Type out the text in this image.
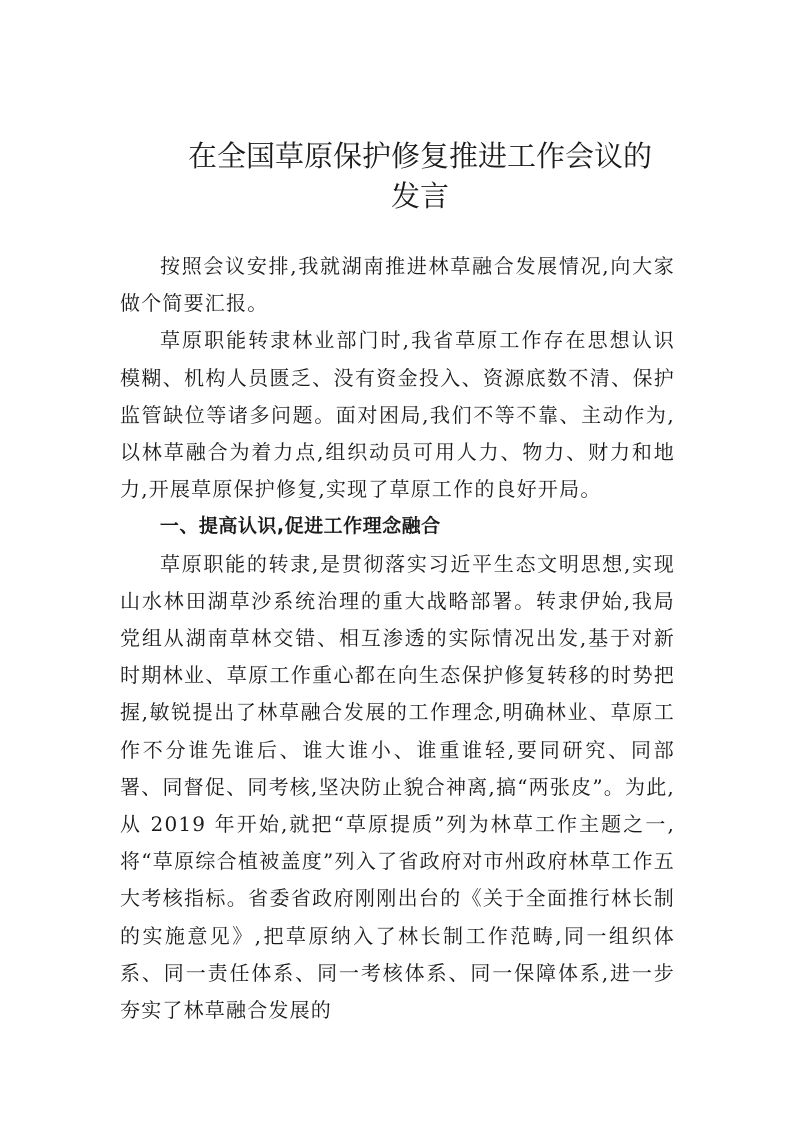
在全国草原保护修复推进工作会议的
发言

按照会议安排,我就湖南推进林草融合发展情况,向大家做个简要汇报。

草原职能转隶林业部门时,我省草原工作存在思想认识模糊、机构人员匮乏、没有资金投入、资源底数不清、保护监管缺位等诸多问题。面对困局,我们不等不靠、主动作为,以林草融合为着力点,组织动员可用人力、物力、财力和地力,开展草原保护修复,实现了草原工作的良好开局。

一、提高认识,促进工作理念融合

草原职能的转隶,是贯彻落实习近平生态文明思想,实现山水林田湖草沙系统治理的重大战略部署。转隶伊始,我局党组从湖南草林交错、相互渗透的实际情况出发,基于对新时期林业、草原工作重心都在向生态保护修复转移的时势把握,敏锐提出了林草融合发展的工作理念,明确林业、草原工作不分谁先谁后、谁大谁小、谁重谁轻,要同研究、同部署、同督促、同考核,坚决防止貌合神离,搞“两张皮”。为此,从 2019 年开始,就把“草原提质”列为林草工作主题之一,将“草原综合植被盖度”列入了省政府对市州政府林草工作五大考核指标。省委省政府刚刚出台的《关于全面推行林长制的实施意见》,把草原纳入了林长制工作范畴,同一组织体系、同一责任体系、同一考核体系、同一保障体系,进一步夯实了林草融合发展的
